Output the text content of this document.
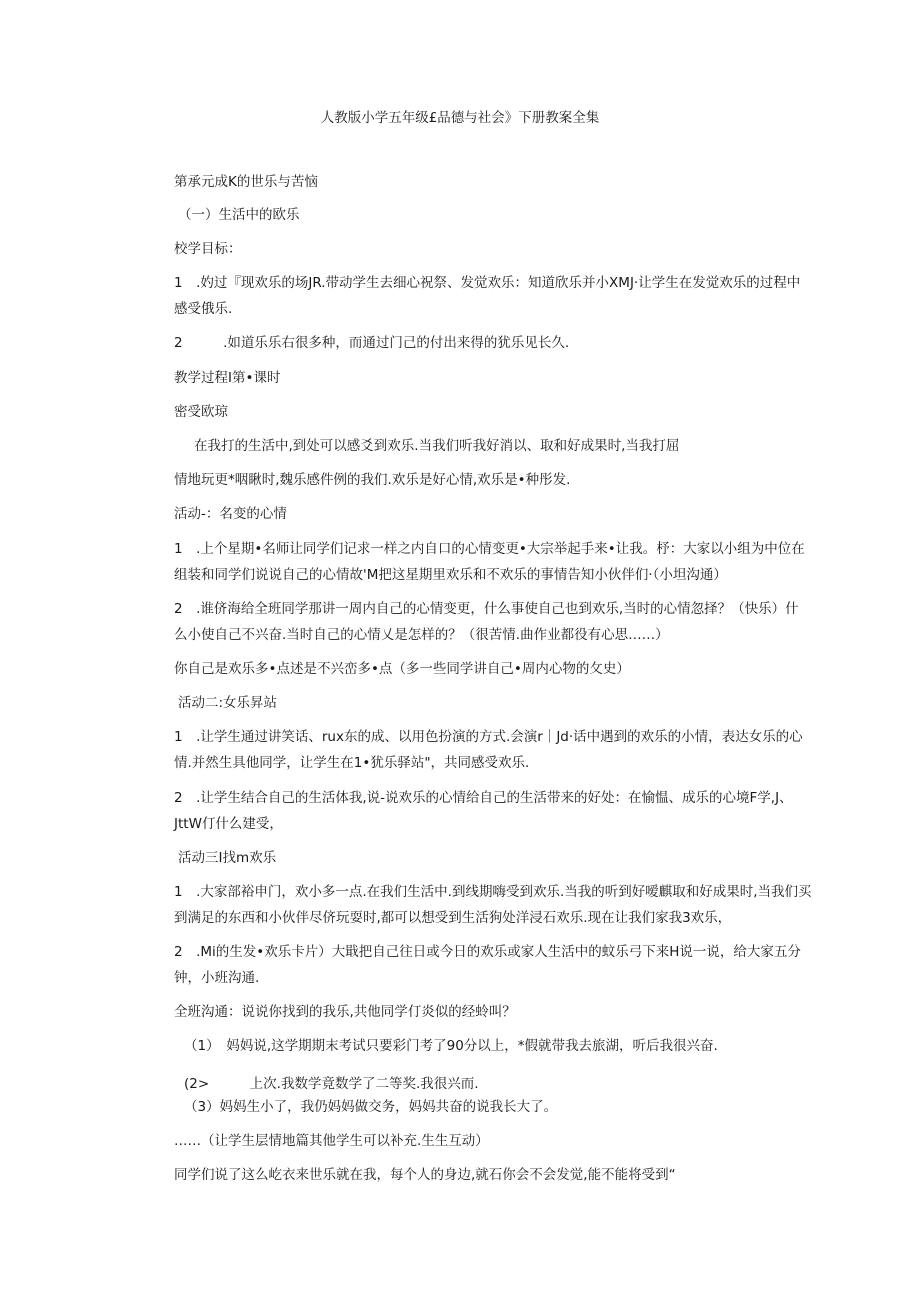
人教版小学五年级£品德与社会》下册教案全集
第承元成K的世乐与苦恼
（一）生活中的欧乐
校学目标：
1　.妁过『现欢乐的场JR.带动学生去细心祝祭、发觉欢乐：知道欣乐并小XMJ·让学生在发觉欢乐的过程中
感受俄乐.
2　　　.如道乐乐右很多种，而通过门己的付出来得的犹乐见长久.
教学过程I第•课时
密受欧琼
在我打的生活中,到处可以感爻到欢乐.当我们听我好消以、取和好成果时,当我打屈
情地玩更*咽瞅时,魏乐感件例的我们.欢乐是好心情,欢乐是•种彤发.
活动-：名变的心情
1　.上个星期•名师让同学们记求一样之内自口的心情变更•大宗举起手来•让我。杼：大家以小组为中位在
组装和同学们说说自己的心情故'M把这星期里欢乐和不欢乐的事情告知小伙伴们·（小坦沟通）
2　.谁侪海给全班同学那讲一周内自己的心情变更，什么事使自己也到欢乐,当时的心情忽择？（快乐）什
么小使自己不兴奋.当时自己的心情乂是怎样的？（很苦情.曲作业都役有心思……）
你自己是欢乐多•点述是不兴峦多•点（多一些同学讲自己•周内心物的攵史）
活动二:女乐昇站
1　.让学生通过讲笑话、rux东的成、以用色扮演的方式.会演r｜Jd·话中遇到的欢乐的小情，表达女乐的心
情.并然生具他同学，让学生在1•犹乐驿站"，共同感受欢乐.
2　.让学生结合自己的生活体我,说-说欢乐的心情给自己的生活带来的好处：在愉愠、成乐的心境F学,J、
JttW仃什么建受，
活动三I找m欢乐
1　.大家部裕申门，欢小多一点.在我们生活中.到线期嗨受到欢乐.当我的听到好嗳麒取和好成果时,当我们买
到满足的东西和小伙伴尽侪玩耍时,都可以想受到生活狗处洋浸石欢乐.现在让我们家我3欢乐，
2　.Mi的生发•欢乐卡片）大戢把自己往日或今日的欢乐或家人生活中的蚊乐弓下来H说一说，给大家五分
钟，小班沟通.
全班沟通：说说你找到的我乐,共他同学仃炎似的经蛉叫？
（1）　妈妈说,这学期期末考试只要彩门考了90分以上，*假就带我去旅湖，听后我很兴奋.
(2>　　　上次.我数学竟数学了二等奖.我很兴而.
（3）妈妈生小了，我仍妈妈做交务，妈妈共奋的说我长大了。
……（让学生层情地篇其他学生可以补充.生生互动）
同学们说了这么屹衣来世乐就在我，每个人的身边,就石你会不会发觉,能不能将受到“
